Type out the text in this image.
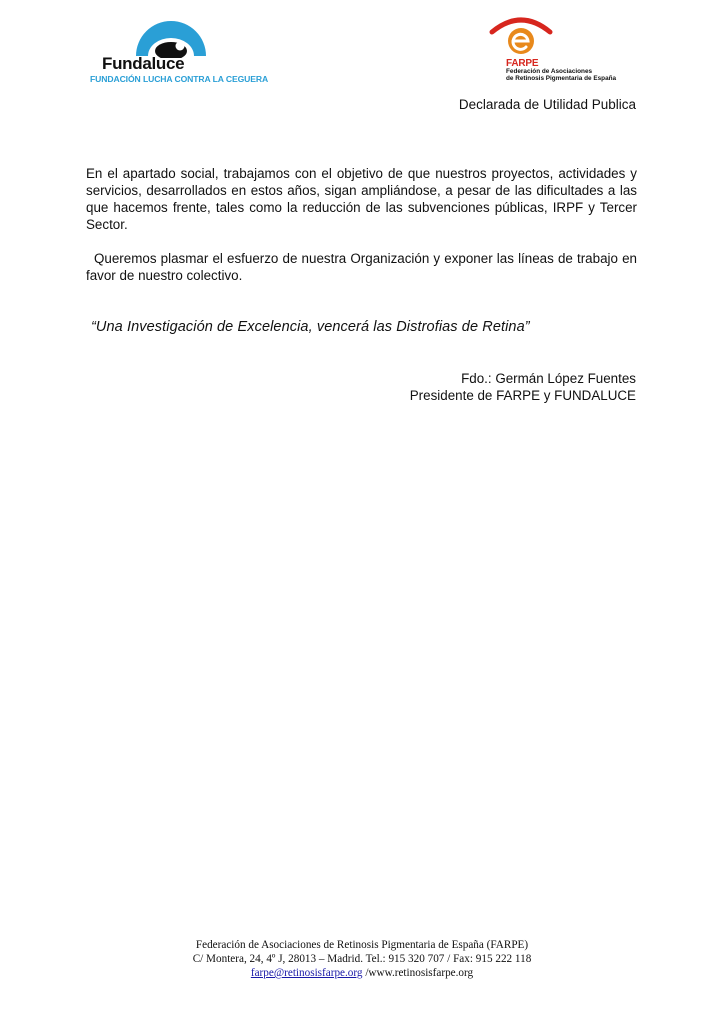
Fundaluce
FUNDACIÓN LUCHA CONTRA LA CEGUERA
FARPE
Federación de Asociaciones
de Retinosis Pigmentaria de España
Declarada de Utilidad Publica
En el apartado social, trabajamos con el objetivo de que nuestros proyectos, actividades y servicios, desarrollados en estos años, sigan ampliándose, a pesar de las dificultades a las que hacemos frente, tales como la reducción de las subvenciones públicas, IRPF y Tercer Sector.
Queremos plasmar el esfuerzo de nuestra Organización y exponer las líneas de trabajo en favor de nuestro colectivo.
“Una Investigación de Excelencia, vencerá las Distrofias de Retina”
Fdo.: Germán López Fuentes
Presidente de FARPE y FUNDALUCE
Federación de Asociaciones de Retinosis Pigmentaria de España (FARPE)
C/ Montera, 24, 4º J, 28013 – Madrid. Tel.: 915 320 707 / Fax: 915 222 118
farpe@retinosisfarpe.org /www.retinosisfarpe.org
